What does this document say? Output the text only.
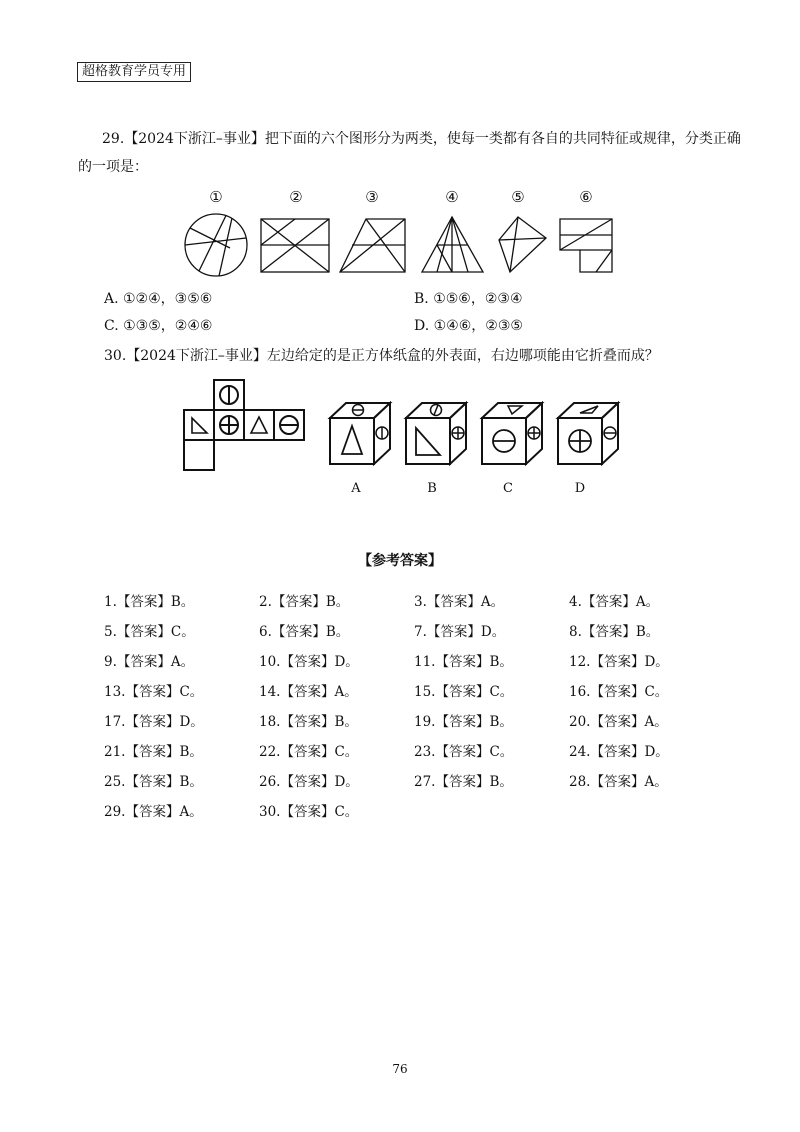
超格教育学员专用
29.【2024下浙江–事业】把下面的六个图形分为两类，使每一类都有各自的共同特征或规律，分类正确
的一项是：
①	②	③	④	⑤	⑥
A. ①②④，③⑤⑥	B. ①⑤⑥，②③④
C. ①③⑤，②④⑥	D. ①④⑥，②③⑤
30.【2024下浙江–事业】左边给定的是正方体纸盒的外表面，右边哪项能由它折叠而成？
A	B	C	D
【参考答案】
1.【答案】B。	2.【答案】B。	3.【答案】A。	4.【答案】A。
5.【答案】C。	6.【答案】B。	7.【答案】D。	8.【答案】B。
9.【答案】A。	10.【答案】D。	11.【答案】B。	12.【答案】D。
13.【答案】C。	14.【答案】A。	15.【答案】C。	16.【答案】C。
17.【答案】D。	18.【答案】B。	19.【答案】B。	20.【答案】A。
21.【答案】B。	22.【答案】C。	23.【答案】C。	24.【答案】D。
25.【答案】B。	26.【答案】D。	27.【答案】B。	28.【答案】A。
29.【答案】A。	30.【答案】C。
76
